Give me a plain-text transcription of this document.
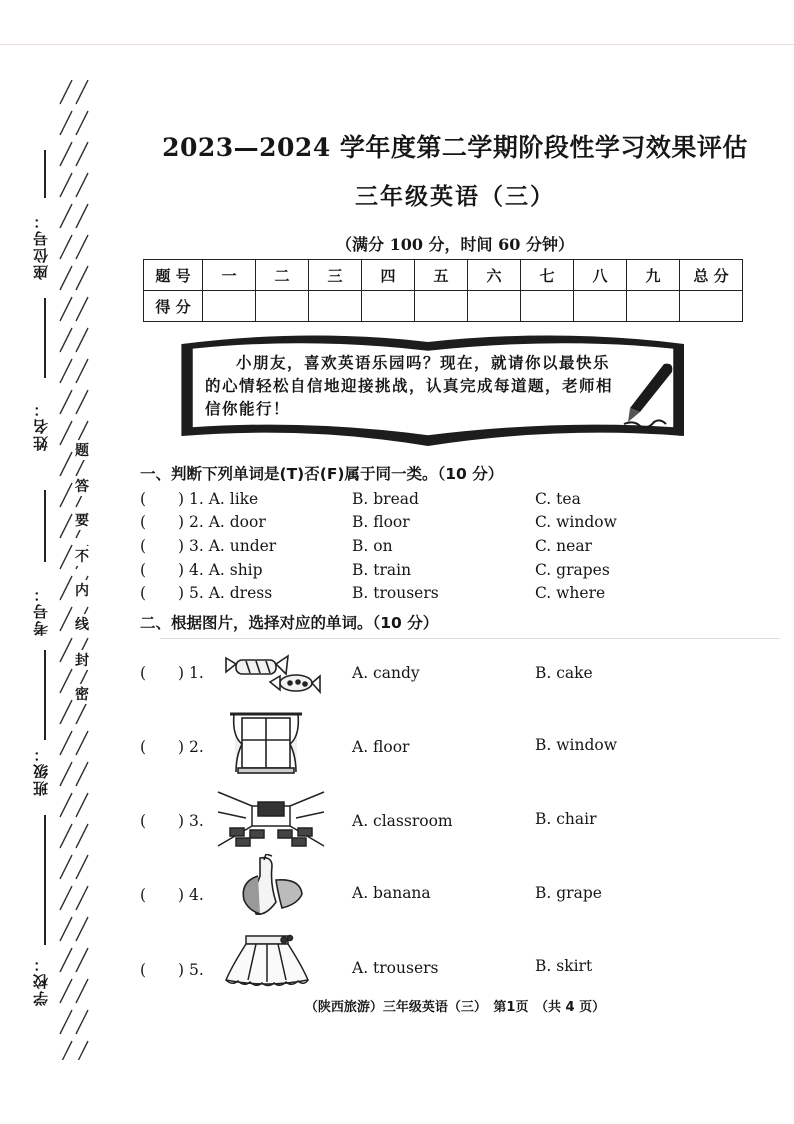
座位号：
姓名：
考号：
班级：
学校：
题
答
要
不
内
线
封
密
2023—2024 学年度第二学期阶段性学习效果评估
三年级英语（三）
（满分 100 分，时间 60 分钟）
题 号	一	二	三	四	五	六	七	八	九	总 分
得 分										
小朋友，喜欢英语乐园吗？现在，就请你以最快乐
的心情轻松自信地迎接挑战，认真完成每道题，老师相
信你能行！
一、判断下列单词是(T)否(F)属于同一类。（10 分）
(	) 1. A. like	B. bread	C. tea
(	) 2. A. door	B. floor	C. window
(	) 3. A. under	B. on	C. near
(	) 4. A. ship	B. train	C. grapes
(	) 5. A. dress	B. trousers	C. where
二、根据图片，选择对应的单词。（10 分）
(	) 1.	A. candy	B. cake
(	) 2.	A. floor	B. window
(	) 3.	A. classroom	B. chair
(	) 4.	A. banana	B. grape
(	) 5.	A. trousers	B. skirt
（陕西旅游）三年级英语（三）　第1页　（共 4 页）
